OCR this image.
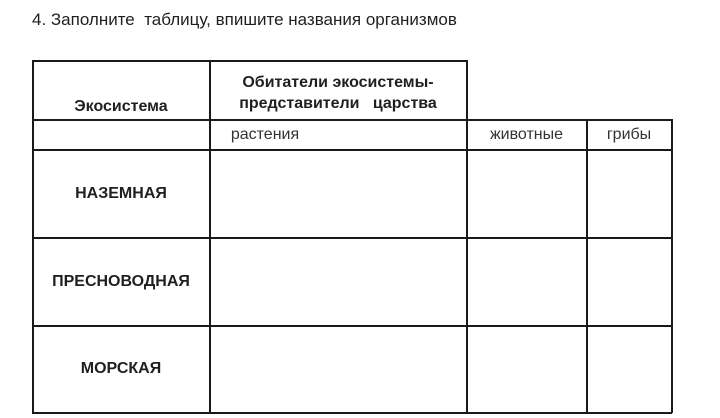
4. Заполните  таблицу, впишите названия организмов
Экосистема
Обитатели экосистемы-
представители   царства
растения	животные	грибы
НАЗЕМНАЯ
ПРЕСНОВОДНАЯ
МОРСКАЯ
